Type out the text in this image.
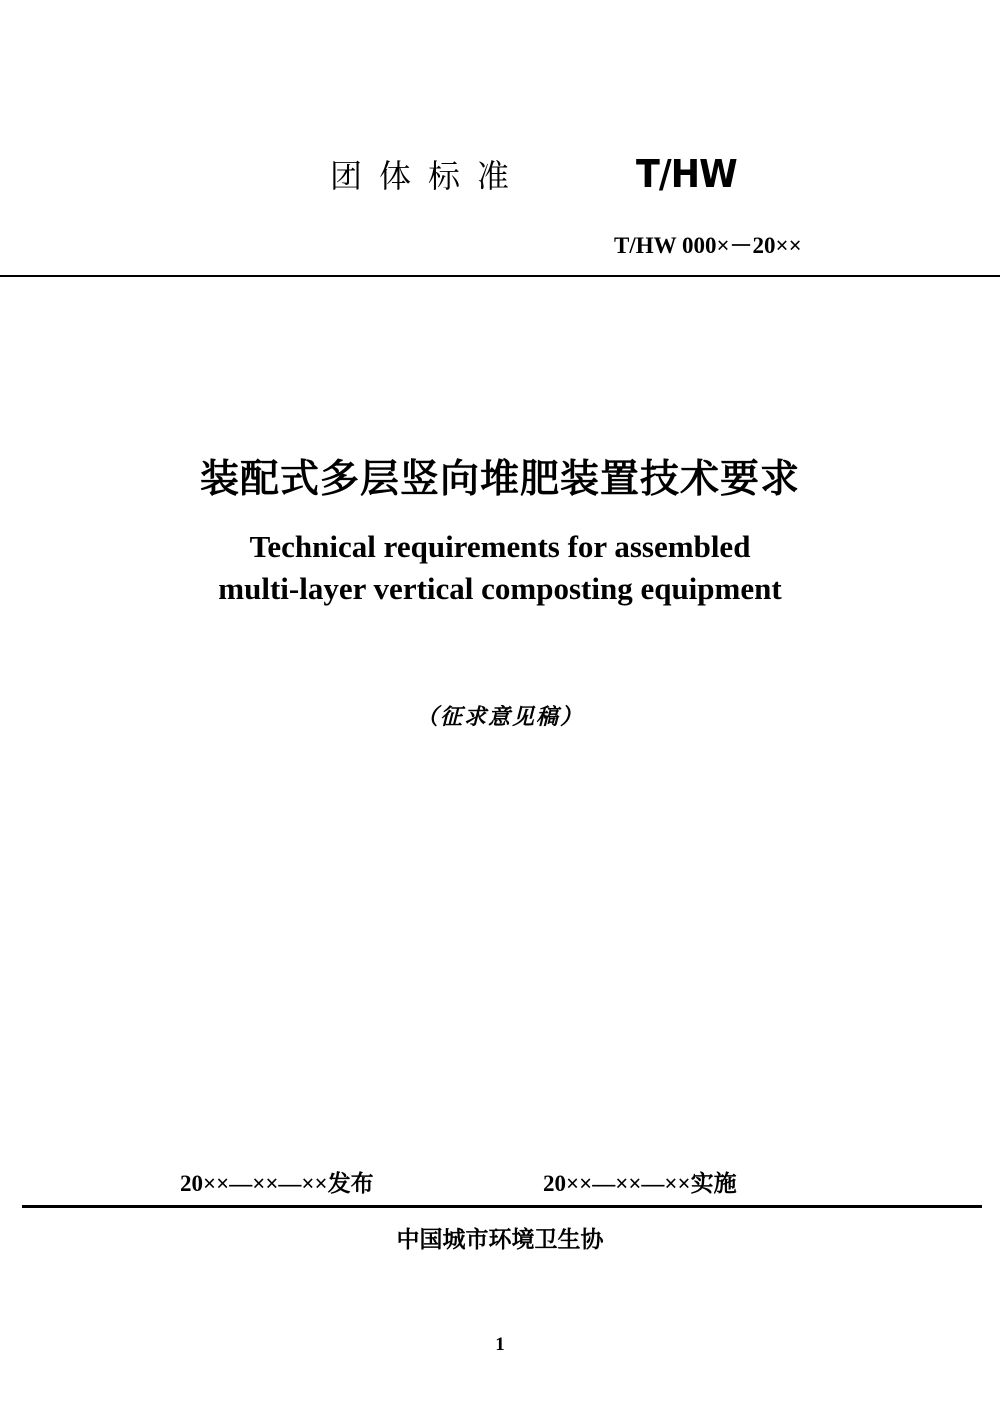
团体标准	T/HW
T/HW 000×－20××
装配式多层竖向堆肥装置技术要求
Technical requirements for assembled
multi-layer vertical composting equipment
（征求意见稿）
20××—××—××发布	20××—××—××实施
中国城市环境卫生协
1
